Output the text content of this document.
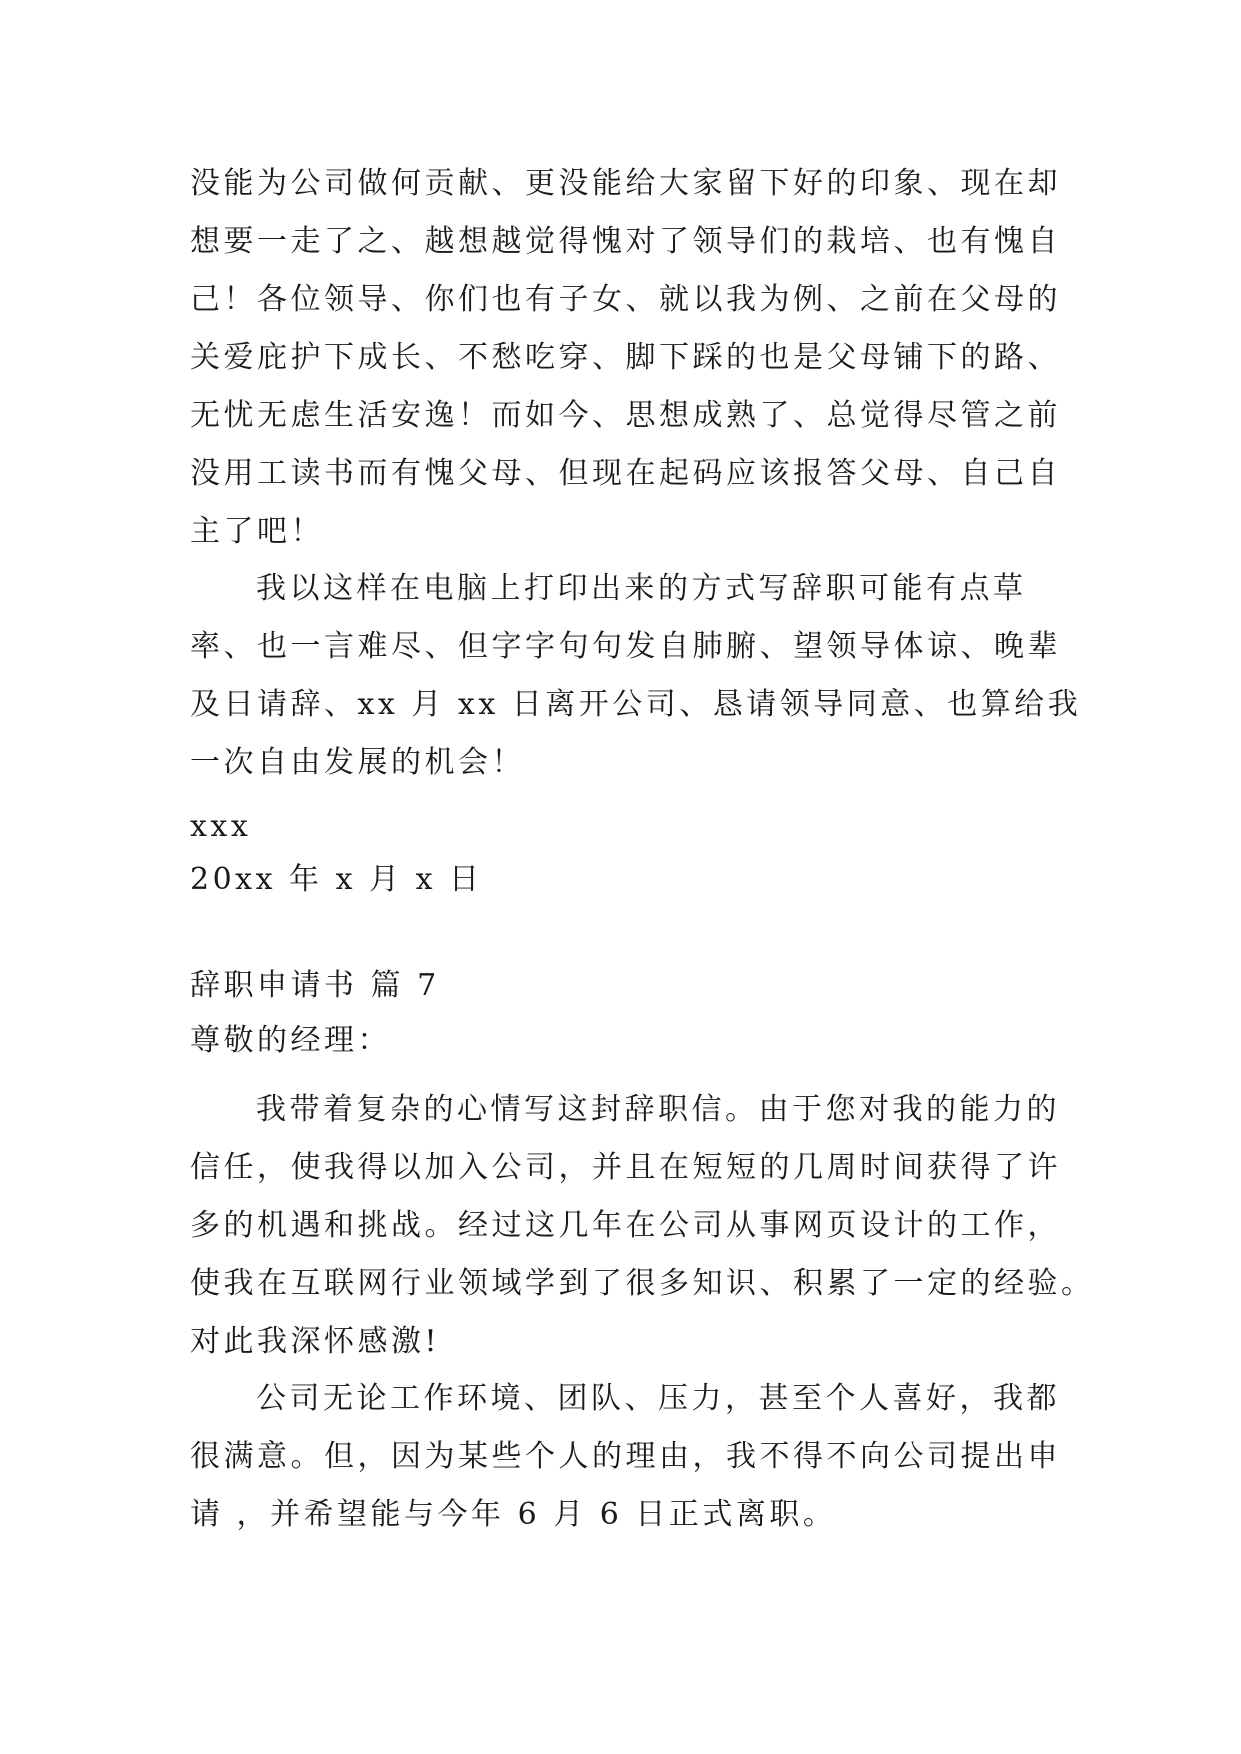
没能为公司做何贡献、更没能给大家留下好的印象、现在却
想要一走了之、越想越觉得愧对了领导们的栽培、也有愧自
己！各位领导、你们也有子女、就以我为例、之前在父母的
关爱庇护下成长、不愁吃穿、脚下踩的也是父母铺下的路、
无忧无虑生活安逸！而如今、思想成熟了、总觉得尽管之前
没用工读书而有愧父母、但现在起码应该报答父母、自己自
主了吧！
我以这样在电脑上打印出来的方式写辞职可能有点草
率、也一言难尽、但字字句句发自肺腑、望领导体谅、晚辈
及日请辞、xx 月 xx 日离开公司、恳请领导同意、也算给我
一次自由发展的机会！
xxx
20xx 年 x 月 x 日
辞职申请书 篇 7
尊敬的经理：
我带着复杂的心情写这封辞职信。由于您对我的能力的
信任，使我得以加入公司，并且在短短的几周时间获得了许
多的机遇和挑战。经过这几年在公司从事网页设计的工作，
使我在互联网行业领域学到了很多知识、积累了一定的经验。
对此我深怀感激!
公司无论工作环境、团队、压力，甚至个人喜好，我都
很满意。但，因为某些个人的理由，我不得不向公司提出申
请 ，并希望能与今年 6 月 6 日正式离职。
